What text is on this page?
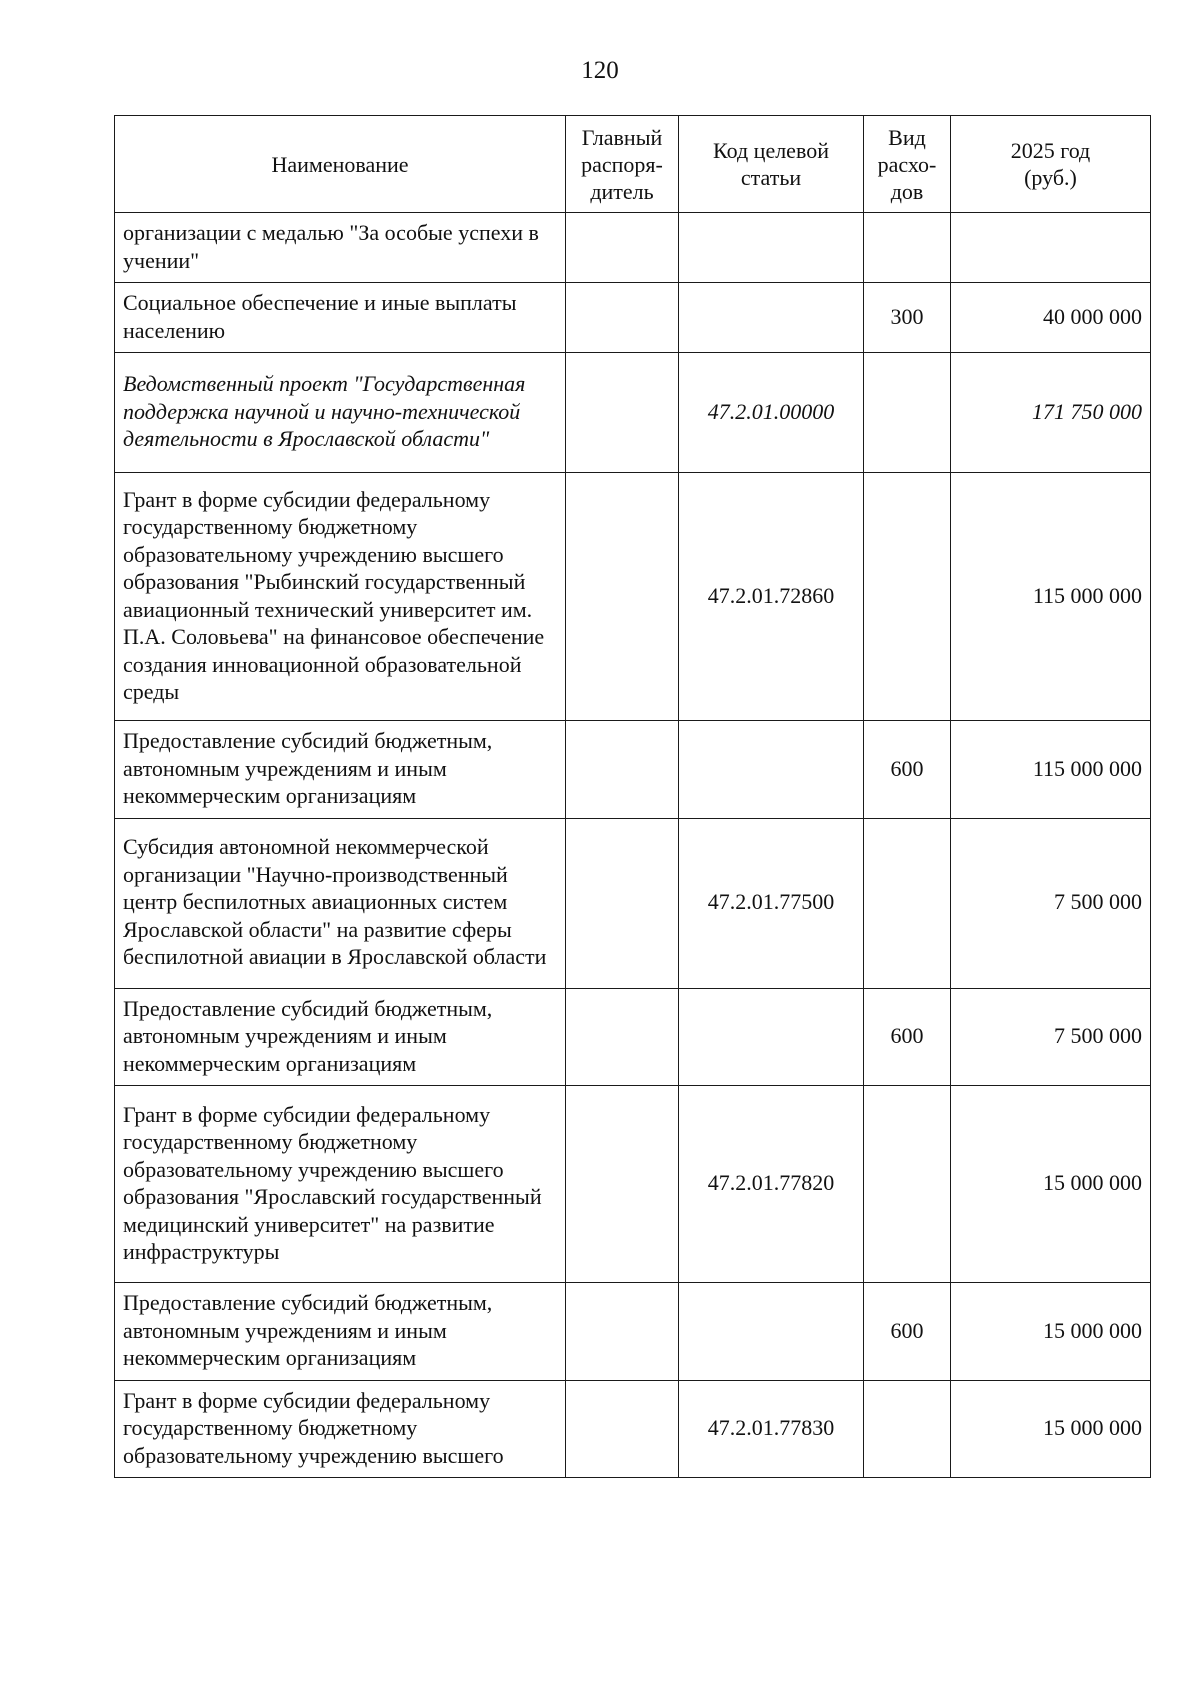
120
Наименование	Главный
распоря-
дитель	Код целевой
статьи	Вид
расхо-
дов	2025 год
(руб.)
организации с медалью "За особые успехи в учении"				
Социальное обеспечение и иные выплаты населению			300	40 000 000
Ведомственный проект "Государственная поддержка научной и научно-технической деятельности в Ярославской области"		47.2.01.00000		171 750 000
Грант в форме субсидии федеральному государственному бюджетному образовательному учреждению высшего образования "Рыбинский государственный авиационный технический университет им. П.А. Соловьева" на финансовое обеспечение создания инновационной образовательной среды		47.2.01.72860		115 000 000
Предоставление субсидий бюджетным, автономным учреждениям и иным некоммерческим организациям			600	115 000 000
Субсидия автономной некоммерческой организации "Научно-производственный центр беспилотных авиационных систем Ярославской области" на развитие сферы беспилотной авиации в Ярославской области		47.2.01.77500		7 500 000
Предоставление субсидий бюджетным, автономным учреждениям и иным некоммерческим организациям			600	7 500 000
Грант в форме субсидии федеральному государственному бюджетному образовательному учреждению высшего образования "Ярославский государственный медицинский университет" на развитие инфраструктуры		47.2.01.77820		15 000 000
Предоставление субсидий бюджетным, автономным учреждениям и иным некоммерческим организациям			600	15 000 000
Грант в форме субсидии федеральному государственному бюджетному образовательному учреждению высшего		47.2.01.77830		15 000 000
